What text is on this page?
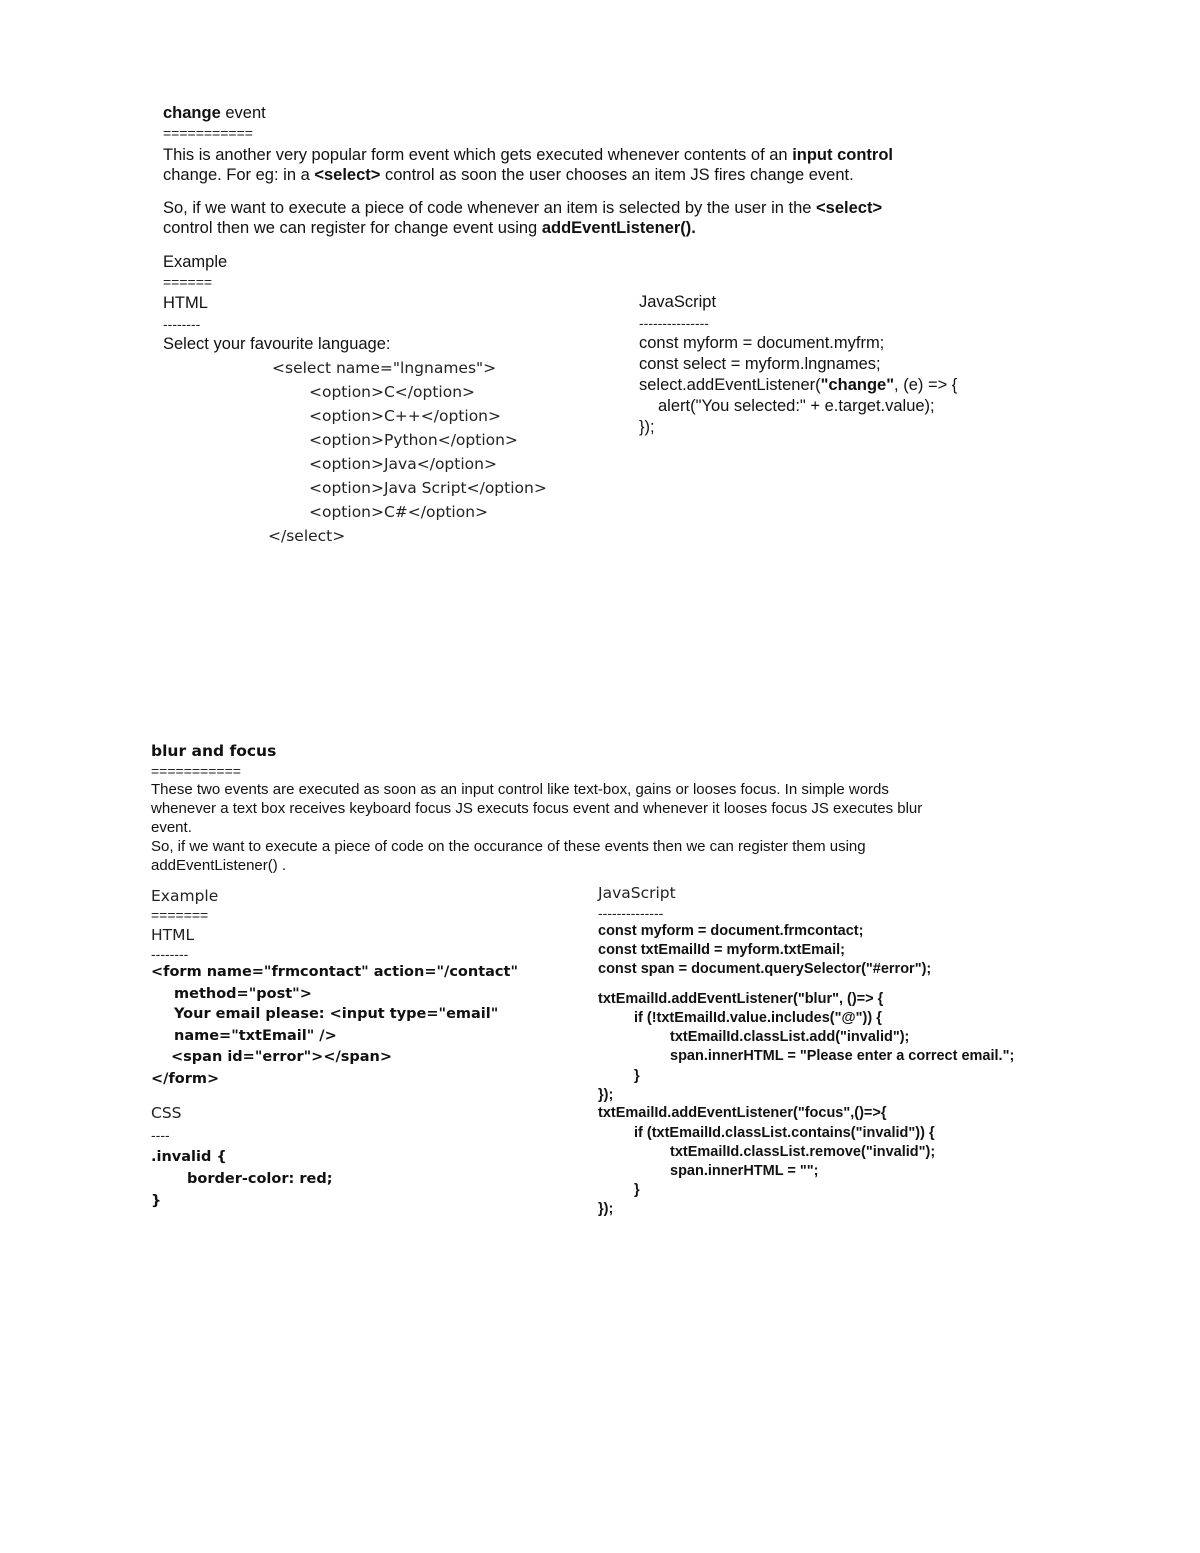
change event
===========
This is another very popular form event which gets executed whenever contents of an input control
change. For eg: in a <select> control as soon the user chooses an item JS fires change event.
So, if we want to execute a piece of code whenever an item is selected by the user in the <select>
control then we can register for change event using addEventListener().
Example
======
HTML
--------
Select your favourite language:
<select name="lngnames">
<option>C</option>
<option>C++</option>
<option>Python</option>
<option>Java</option>
<option>Java Script</option>
<option>C#</option>
</select>
JavaScript
---------------
const myform = document.myfrm;
const select = myform.lngnames;
select.addEventListener("change", (e) => {
alert("You selected:" + e.target.value);
});
blur and focus
===========
These two events are executed as soon as an input control like text-box, gains or looses focus. In simple words
whenever a text box receives keyboard focus JS executs focus event and whenever it looses focus JS executes blur
event.
So, if we want to execute a piece of code on the occurance of these events then we can register them using
addEventListener() .
Example
=======
HTML
--------
<form name="frmcontact" action="/contact"
method="post">
Your email please: <input type="email"
name="txtEmail" />
<span id="error"></span>
</form>
CSS
----
.invalid {
border-color: red;
}
JavaScript
--------------
const myform = document.frmcontact;
const txtEmailId = myform.txtEmail;
const span = document.querySelector("#error");
txtEmailId.addEventListener("blur", ()=> {
if (!txtEmailId.value.includes("@")) {
txtEmailId.classList.add("invalid");
span.innerHTML = "Please enter a correct email.";
}
});
txtEmailId.addEventListener("focus",()=>{
if (txtEmailId.classList.contains("invalid")) {
txtEmailId.classList.remove("invalid");
span.innerHTML = "";
}
});
